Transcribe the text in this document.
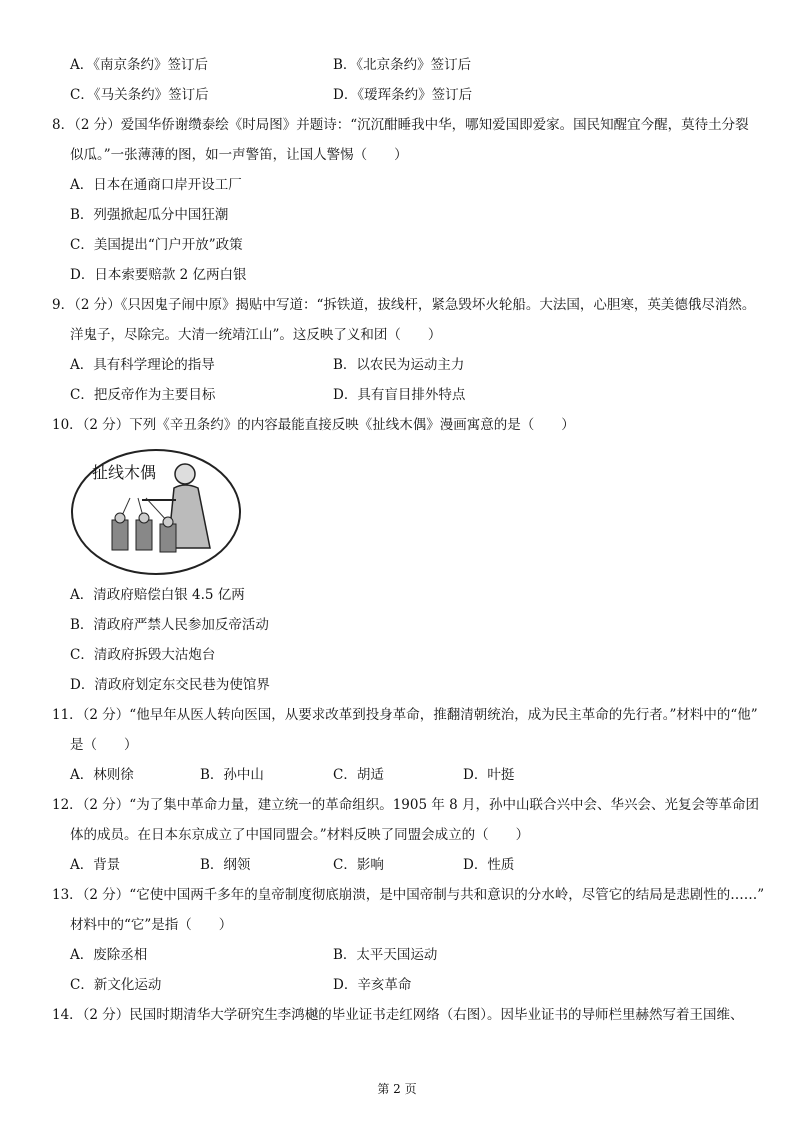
A．《南京条约》签订后	B．《北京条约》签订后
C．《马关条约》签订后	D．《瑷珲条约》签订后
8．（2 分）爱国华侨谢缵泰绘《时局图》并题诗：“沉沉酣睡我中华，哪知爱国即爱家。国民知醒宜今醒，莫待土分裂
似瓜。”一张薄薄的图，如一声警笛，让国人警惕（　　）
A．日本在通商口岸开设工厂
B．列强掀起瓜分中国狂潮
C．美国提出“门户开放”政策
D．日本索要赔款 2 亿两白银
9．（2 分）《只因鬼子闹中原》揭贴中写道：“拆铁道，拔线杆，紧急毁坏火轮船。大法国，心胆寒，英美德俄尽消然。
洋鬼子，尽除完。大清一统靖江山”。这反映了义和团（　　）
A．具有科学理论的指导	B．以农民为运动主力
C．把反帝作为主要目标	D．具有盲目排外特点
10．（2 分）下列《辛丑条约》的内容最能直接反映《扯线木偶》漫画寓意的是（　　）
扯线木偶
A．清政府赔偿白银 4.5 亿两
B．清政府严禁人民参加反帝活动
C．清政府拆毁大沽炮台
D．清政府划定东交民巷为使馆界
11．（2 分）“他早年从医人转向医国，从要求改革到投身革命，推翻清朝统治，成为民主革命的先行者。”材料中的“他”
是（　　）
A．林则徐	B．孙中山	C．胡适	D．叶挺
12．（2 分）“为了集中革命力量，建立统一的革命组织。1905 年 8 月，孙中山联合兴中会、华兴会、光复会等革命团
体的成员。在日本东京成立了中国同盟会。”材料反映了同盟会成立的（　　）
A．背景	B．纲领	C．影响	D．性质
13．（2 分）“它使中国两千多年的皇帝制度彻底崩溃，是中国帝制与共和意识的分水岭，尽管它的结局是悲剧性的……”
材料中的“它”是指（　　）
A．废除丞相	B．太平天国运动
C．新文化运动	D．辛亥革命
14．（2 分）民国时期清华大学研究生李鸿樾的毕业证书走红网络（右图）。因毕业证书的导师栏里赫然写着王国维、
第 2 页
